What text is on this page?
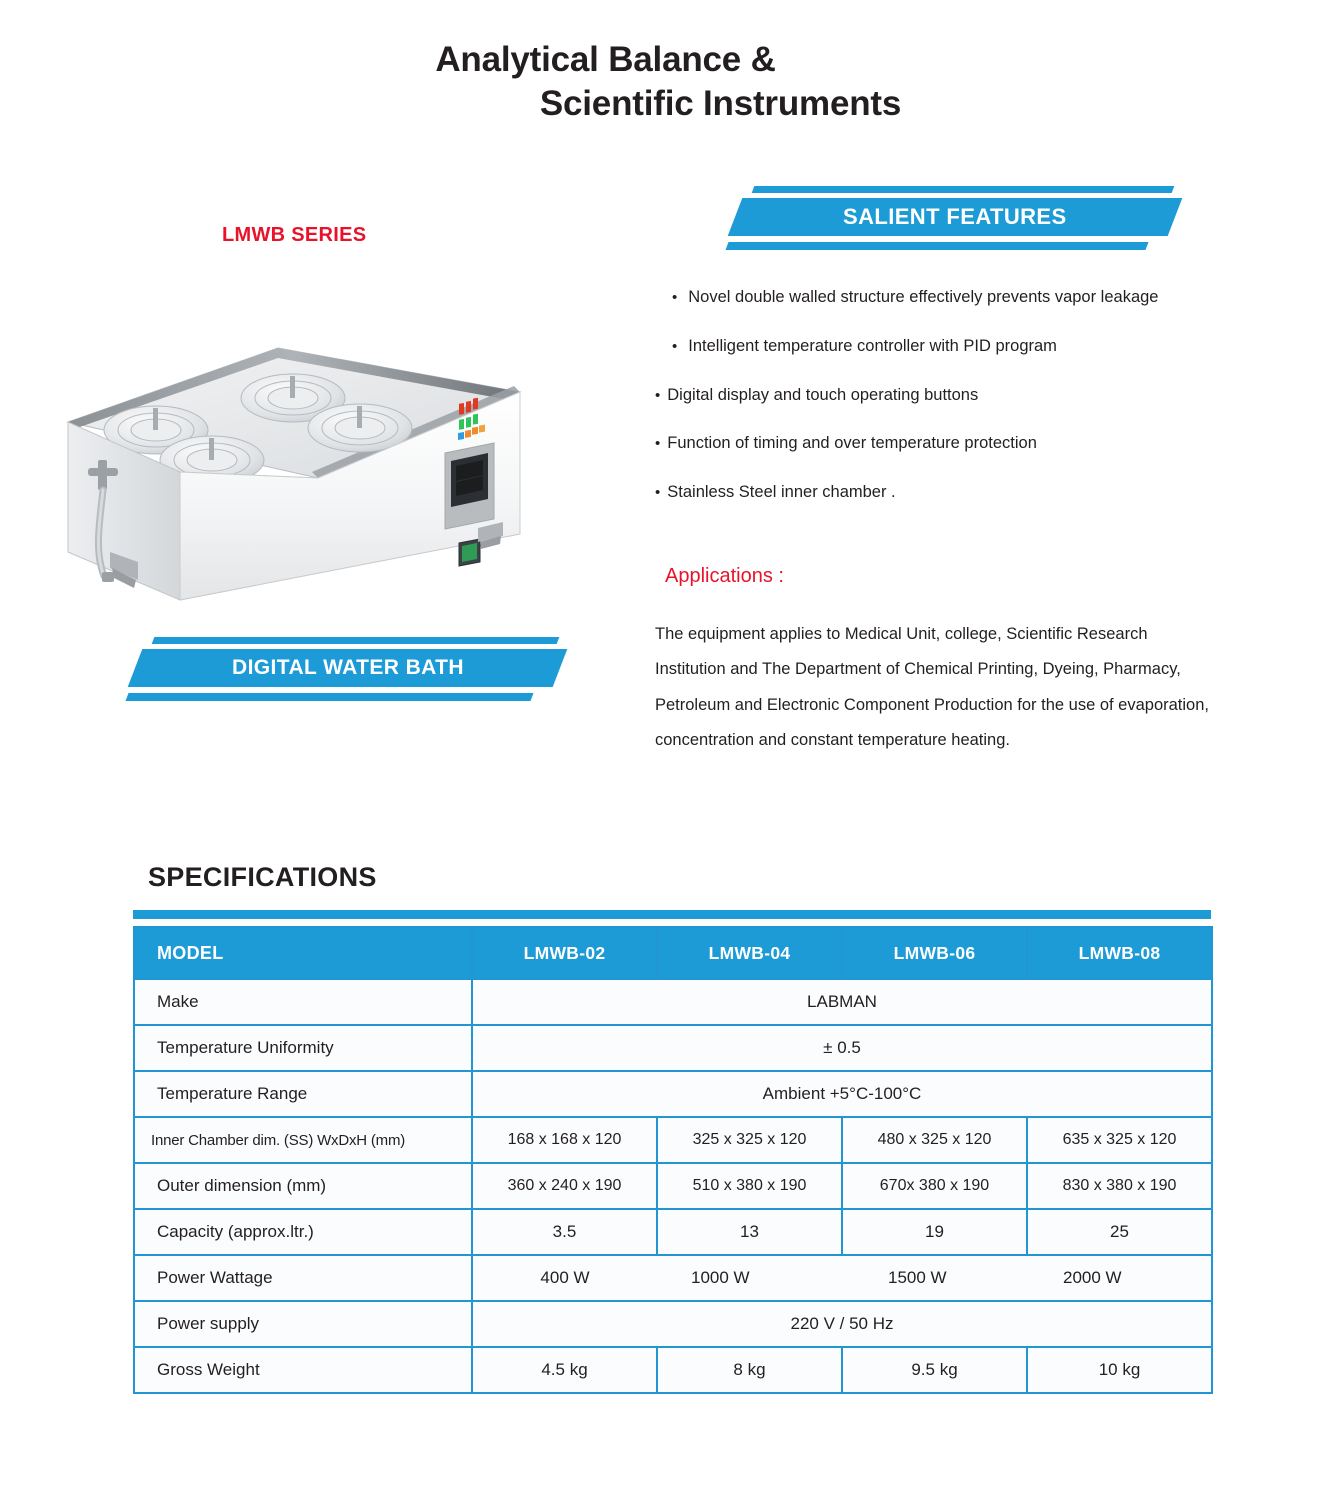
Analytical Balance &
Scientific Instruments
LMWB SERIES
DIGITAL WATER BATH
SALIENT FEATURES
• Novel double walled structure effectively prevents vapor leakage
• Intelligent temperature controller with PID program
• Digital display and touch operating buttons
• Function of timing and over temperature protection
• Stainless Steel inner chamber .
Applications :
The equipment applies to Medical Unit, college, Scientific Research
Institution and The Department of Chemical Printing, Dyeing, Pharmacy,
Petroleum and Electronic Component Production for the use of evaporation,
concentration and constant temperature heating.
SPECIFICATIONS
MODEL	LMWB-02	LMWB-04	LMWB-06	LMWB-08
Make	LABMAN			
Temperature Uniformity	± 0.5			
Temperature Range	Ambient +5°C-100°C			
Inner Chamber dim. (SS) WxDxH (mm)	168 x 168 x 120	325 x 325 x 120	480 x 325 x 120	635 x 325 x 120
Outer dimension (mm)	360 x 240 x 190	510 x 380 x 190	670x 380 x 190	830 x 380 x 190
Capacity (approx.ltr.)	3.5	13	19	25
Power Wattage	400 W	1000 W	1500 W	2000 W
Power supply	220 V / 50 Hz			
Gross Weight	4.5 kg	8 kg	9.5 kg	10 kg
